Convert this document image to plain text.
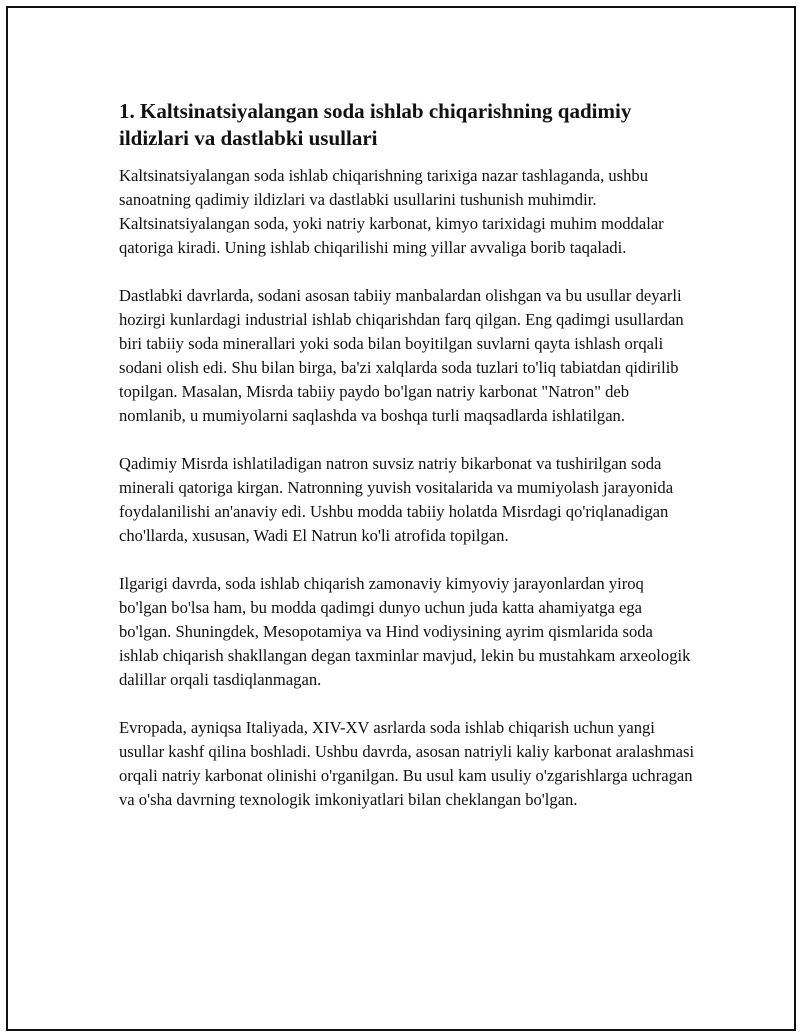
1. Kaltsinatsiyalangan soda ishlab chiqarishning qadimiy ildizlari va dastlabki usullari

Kaltsinatsiyalangan soda ishlab chiqarishning tarixiga nazar tashlaganda, ushbu sanoatning qadimiy ildizlari va dastlabki usullarini tushunish muhimdir. Kaltsinatsiyalangan soda, yoki natriy karbonat, kimyo tarixidagi muhim moddalar qatoriga kiradi. Uning ishlab chiqarilishi ming yillar avvaliga borib taqaladi.

Dastlabki davrlarda, sodani asosan tabiiy manbalardan olishgan va bu usullar deyarli hozirgi kunlardagi industrial ishlab chiqarishdan farq qilgan. Eng qadimgi usullardan biri tabiiy soda minerallari yoki soda bilan boyitilgan suvlarni qayta ishlash orqali sodani olish edi. Shu bilan birga, ba'zi xalqlarda soda tuzlari to'liq tabiatdan qidirilib topilgan. Masalan, Misrda tabiiy paydo bo'lgan natriy karbonat "Natron" deb nomlanib, u mumiyolarni saqlashda va boshqa turli maqsadlarda ishlatilgan.

Qadimiy Misrda ishlatiladigan natron suvsiz natriy bikarbonat va tushirilgan soda minerali qatoriga kirgan. Natronning yuvish vositalarida va mumiyolash jarayonida foydalanilishi an'anaviy edi. Ushbu modda tabiiy holatda Misrdagi qo'riqlanadigan cho'llarda, xususan, Wadi El Natrun ko'li atrofida topilgan.

Ilgarigi davrda, soda ishlab chiqarish zamonaviy kimyoviy jarayonlardan yiroq bo'lgan bo'lsa ham, bu modda qadimgi dunyo uchun juda katta ahamiyatga ega bo'lgan. Shuningdek, Mesopotamiya va Hind vodiysining ayrim qismlarida soda ishlab chiqarish shakllangan degan taxminlar mavjud, lekin bu mustahkam arxeologik dalillar orqali tasdiqlanmagan.

Evropada, ayniqsa Italiyada, XIV-XV asrlarda soda ishlab chiqarish uchun yangi usullar kashf qilina boshladi. Ushbu davrda, asosan natriyli kaliy karbonat aralashmasi orqali natriy karbonat olinishi o'rganilgan. Bu usul kam usuliy o'zgarishlarga uchragan va o'sha davrning texnologik imkoniyatlari bilan cheklangan bo'lgan.
